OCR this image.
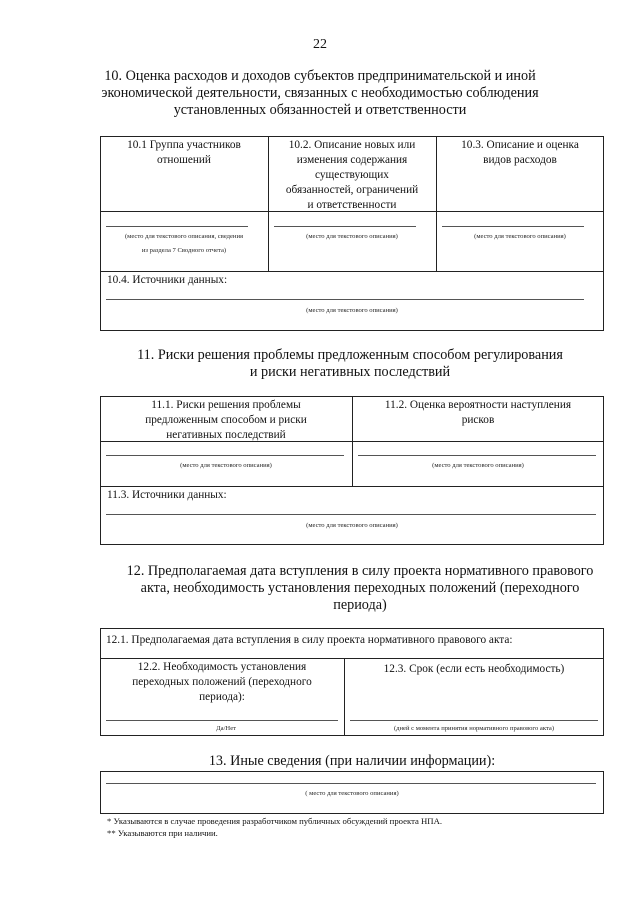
22
10. Оценка расходов и доходов субъектов предпринимательской и иной
экономической деятельности, связанных с необходимостью соблюдения
установленных обязанностей и ответственности
10.1 Группа участников
отношений
10.2. Описание новых или
изменения содержания
существующих
обязанностей, ограничений
и ответственности
10.3. Описание и оценка
видов расходов
(место для текстового описания, сведения
из раздела 7 Сводного отчета)
(место для текстового описания)	(место для текстового описания)
10.4. Источники данных:
(место для текстового описания)
11. Риски решения проблемы предложенным способом регулирования
и риски негативных последствий
11.1. Риски решения проблемы
предложенным способом и риски
негативных последствий
11.2. Оценка вероятности наступления
рисков
(место для текстового описания)	(место для текстового описания)
11.3. Источники данных:
(место для текстового описания)
12. Предполагаемая дата вступления в силу проекта нормативного правового
акта, необходимость установления переходных положений (переходного
периода)
12.1. Предполагаемая дата вступления в силу проекта нормативного правового акта:
12.2. Необходимость установления
переходных положений (переходного
периода):
Да/Нет
12.3. Срок (если есть необходимость)
(дней с момента принятия нормативного правового акта)
13. Иные сведения (при наличии информации):
( место для текстового описания)
* Указываются в случае проведения разработчиком публичных обсуждений проекта НПА.
** Указываются при наличии.
